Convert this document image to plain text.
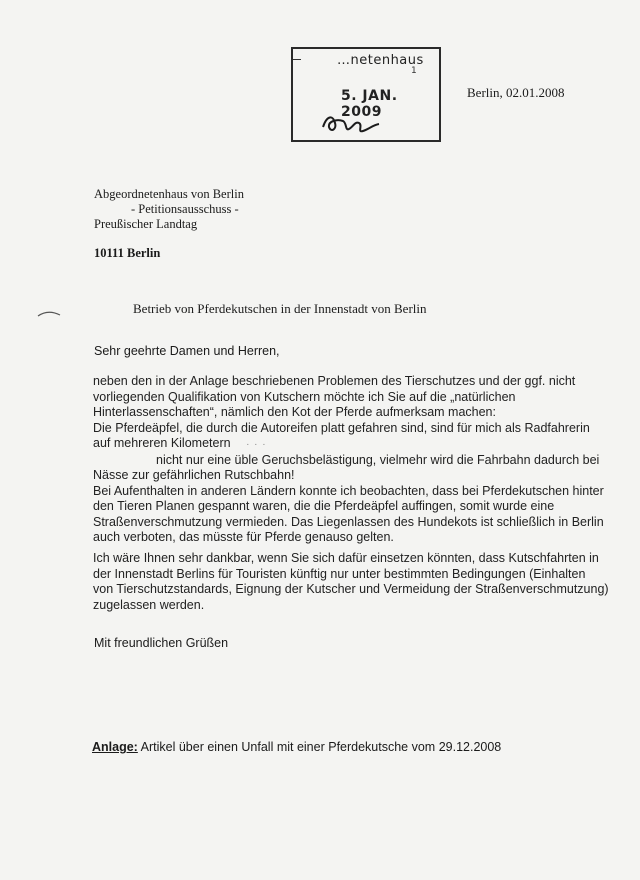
…netenhaus
1
5. JAN. 2009
Berlin, 02.01.2008
Abgeordnetenhaus von Berlin
- Petitionsausschuss -
Preußischer Landtag
10111 Berlin
Betrieb von Pferdekutschen in der Innenstadt von Berlin
Sehr geehrte Damen und Herren,
neben den in der Anlage beschriebenen Problemen des Tierschutzes und der ggf. nicht
vorliegenden Qualifikation von Kutschern möchte ich Sie auf die „natürlichen
Hinterlassenschaften“, nämlich den Kot der Pferde aufmerksam machen:
Die Pferdeäpfel, die durch die Autoreifen platt gefahren sind, sind für mich als Radfahrerin
auf mehreren Kilometern · · ·
nicht nur eine üble Geruchsbelästigung, vielmehr wird die Fahrbahn dadurch bei
Nässe zur gefährlichen Rutschbahn!
Bei Aufenthalten in anderen Ländern konnte ich beobachten, dass bei Pferdekutschen hinter
den Tieren Planen gespannt waren, die die Pferdeäpfel auffingen, somit wurde eine
Straßenverschmutzung vermieden. Das Liegenlassen des Hundekots ist schließlich in Berlin
auch verboten, das müsste für Pferde genauso gelten.
Ich wäre Ihnen sehr dankbar, wenn Sie sich dafür einsetzen könnten, dass Kutschfahrten in
der Innenstadt Berlins für Touristen künftig nur unter bestimmten Bedingungen (Einhalten
von Tierschutzstandards, Eignung der Kutscher und Vermeidung der Straßenverschmutzung)
zugelassen werden.
Mit freundlichen Grüßen
Anlage: Artikel über einen Unfall mit einer Pferdekutsche vom 29.12.2008
